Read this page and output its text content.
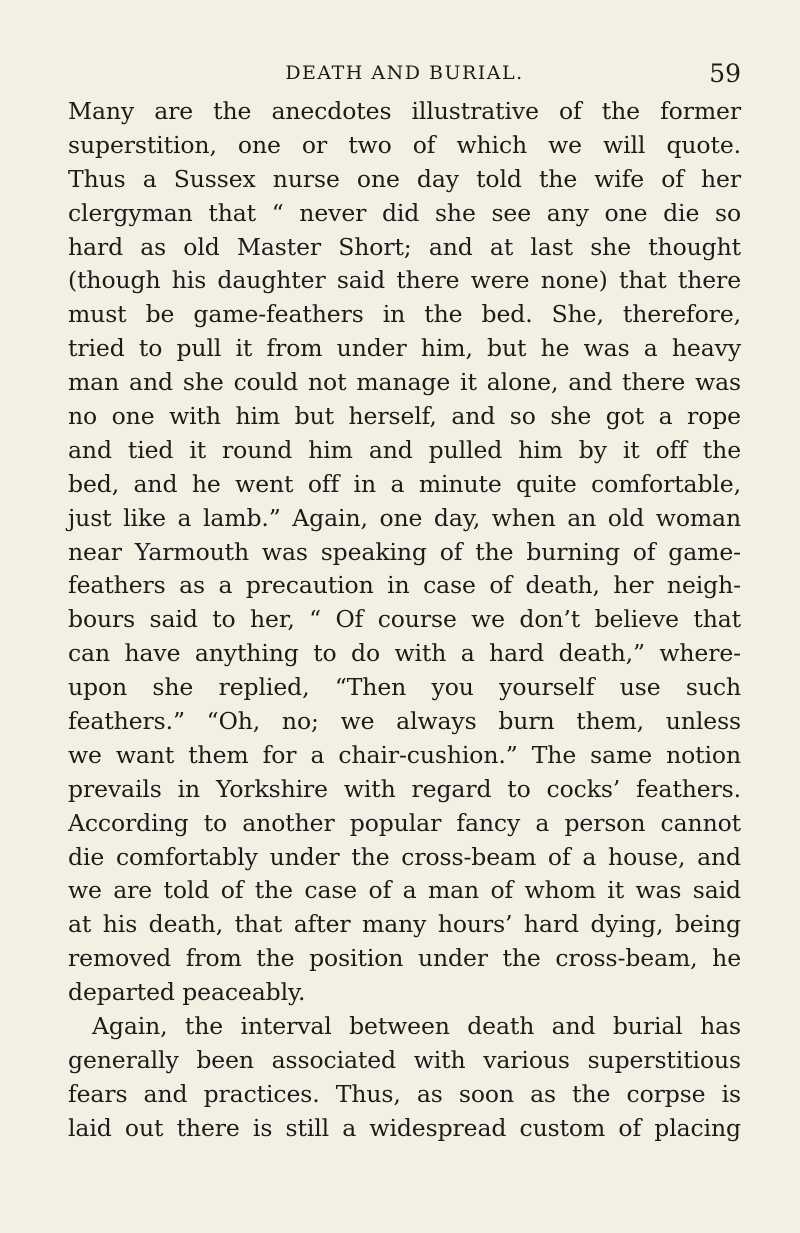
DEATH AND BURIAL.	59
Many are the anecdotes illustrative of the former
superstition, one or two of which we will quote.
Thus a Sussex nurse one day told the wife of her
clergyman that “ never did she see any one die so
hard as old Master Short; and at last she thought
(though his daughter said there were none) that there
must be game-feathers in the bed. She, therefore,
tried to pull it from under him, but he was a heavy
man and she could not manage it alone, and there was
no one with him but herself, and so she got a rope
and tied it round him and pulled him by it off the
bed, and he went off in a minute quite comfortable,
just like a lamb.” Again, one day, when an old woman
near Yarmouth was speaking of the burning of game-
feathers as a precaution in case of death, her neigh-
bours said to her, “ Of course we don’t believe that
can have anything to do with a hard death,” where-
upon she replied, “Then you yourself use such
feathers.” “Oh, no; we always burn them, unless
we want them for a chair-cushion.” The same notion
prevails in Yorkshire with regard to cocks’ feathers.
According to another popular fancy a person cannot
die comfortably under the cross-beam of a house, and
we are told of the case of a man of whom it was said
at his death, that after many hours’ hard dying, being
removed from the position under the cross-beam, he
departed peaceably.
Again, the interval between death and burial has
generally been associated with various superstitious
fears and practices. Thus, as soon as the corpse is
laid out there is still a widespread custom of placing
